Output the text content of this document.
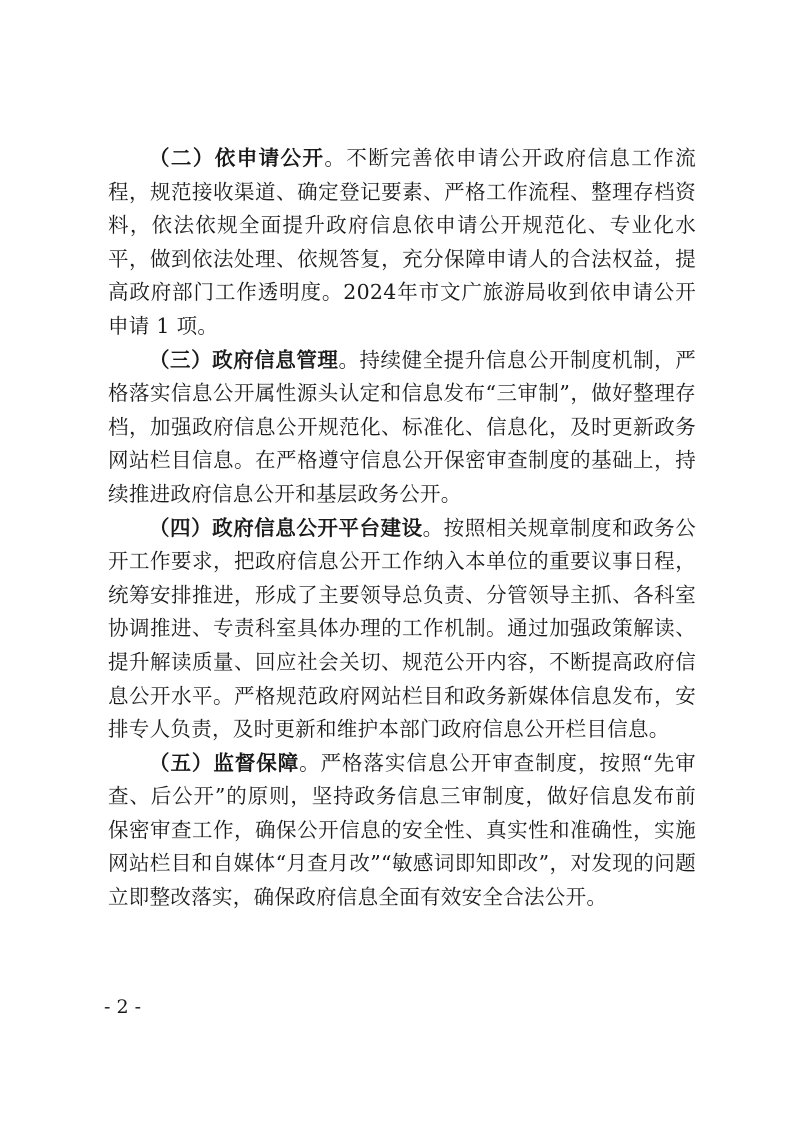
（二）依申请公开。不断完善依申请公开政府信息工作流程，规范接收渠道、确定登记要素、严格工作流程、整理存档资料，依法依规全面提升政府信息依申请公开规范化、专业化水平，做到依法处理、依规答复，充分保障申请人的合法权益，提高政府部门工作透明度。2024年市文广旅游局收到依申请公开申请 1 项。

（三）政府信息管理。持续健全提升信息公开制度机制，严格落实信息公开属性源头认定和信息发布“三审制”，做好整理存档，加强政府信息公开规范化、标准化、信息化，及时更新政务网站栏目信息。在严格遵守信息公开保密审查制度的基础上，持续推进政府信息公开和基层政务公开。

（四）政府信息公开平台建设。按照相关规章制度和政务公开工作要求，把政府信息公开工作纳入本单位的重要议事日程，统筹安排推进，形成了主要领导总负责、分管领导主抓、各科室协调推进、专责科室具体办理的工作机制。通过加强政策解读、提升解读质量、回应社会关切、规范公开内容，不断提高政府信息公开水平。严格规范政府网站栏目和政务新媒体信息发布，安排专人负责，及时更新和维护本部门政府信息公开栏目信息。

（五）监督保障。严格落实信息公开审查制度，按照“先审查、后公开”的原则，坚持政务信息三审制度，做好信息发布前保密审查工作，确保公开信息的安全性、真实性和准确性，实施网站栏目和自媒体“月查月改”“敏感词即知即改”，对发现的问题立即整改落实，确保政府信息全面有效安全合法公开。

- 2 -
